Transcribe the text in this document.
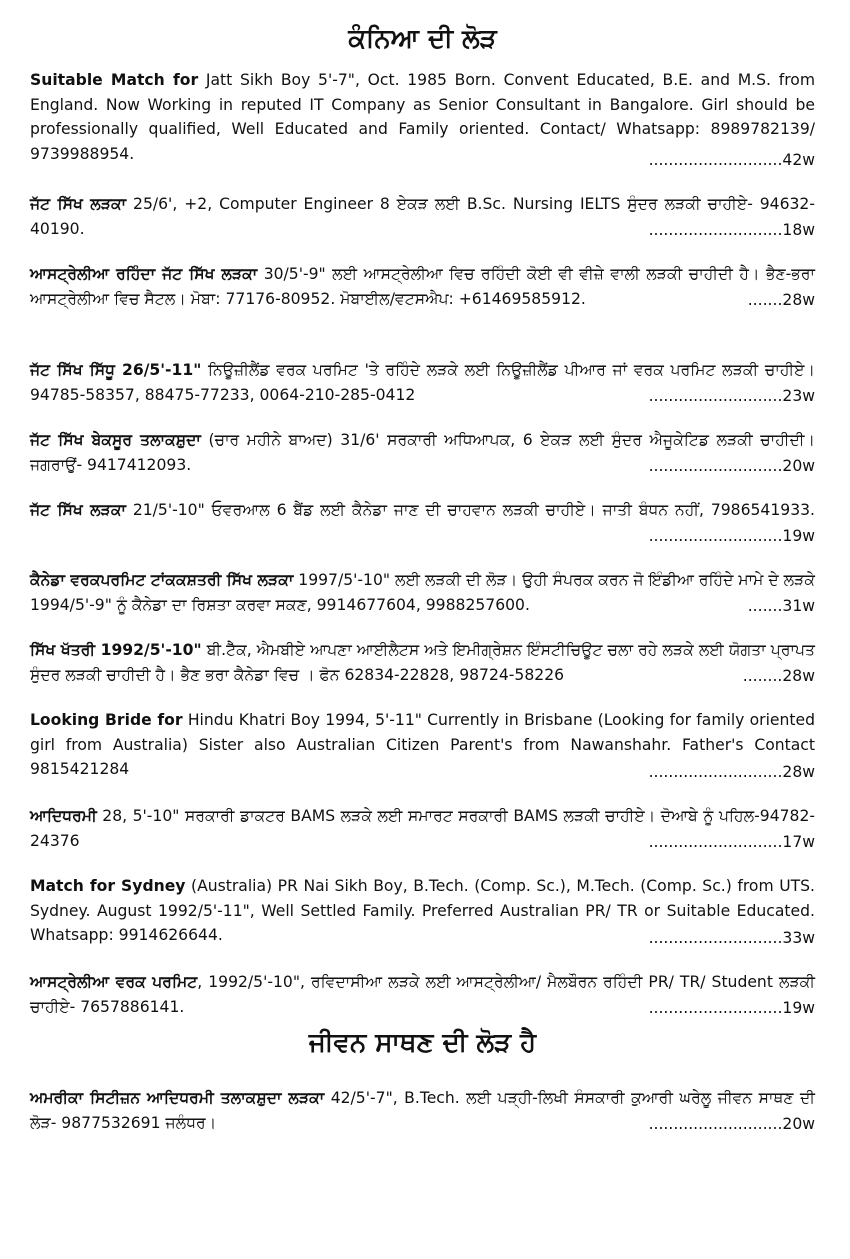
ਕੰਨਿਆ ਦੀ ਲੋੜ
Suitable Match for Jatt Sikh Boy 5'-7", Oct. 1985 Born. Convent Educated, B.E. and M.S. from England. Now Working in reputed IT Company as Senior Consultant in Bangalore. Girl should be professionally qualified, Well Educated and Family oriented. Contact/ Whatsapp: 8989782139/ 9739988954.	...........................42w
ਜੱਟ ਸਿੱਖ ਲੜਕਾ 25/6', +2, Computer Engineer 8 ਏਕੜ ਲਈ B.Sc. Nursing IELTS ਸੁੰਦਰ ਲੜਕੀ ਚਾਹੀਏ- 94632-40190.	...........................18w
ਆਸਟ੍ਰੇਲੀਆ ਰਹਿੰਦਾ ਜੱਟ ਸਿੱਖ ਲੜਕਾ 30/5'-9" ਲਈ ਆਸਟ੍ਰੇਲੀਆ ਵਿਚ ਰਹਿੰਦੀ ਕੋਈ ਵੀ ਵੀਜ਼ੇ ਵਾਲੀ ਲੜਕੀ ਚਾਹੀਦੀ ਹੈ। ਭੈਣ-ਭਰਾ ਆਸਟ੍ਰੇਲੀਆ ਵਿਚ ਸੈਟਲ। ਮੋਬਾ: 77176-80952. ਮੋਬਾਈਲ/ਵਟਸਐਪ: +61469585912.	.......28w
ਜੱਟ ਸਿੱਖ ਸਿੱਧੂ 26/5'-11" ਨਿਊਜ਼ੀਲੈਂਡ ਵਰਕ ਪਰਮਿਟ 'ਤੇ ਰਹਿੰਦੇ ਲੜਕੇ ਲਈ ਨਿਊਜ਼ੀਲੈਂਡ ਪੀਆਰ ਜਾਂ ਵਰਕ ਪਰਮਿਟ ਲੜਕੀ ਚਾਹੀਏ। 94785-58357, 88475-77233, 0064-210-285-0412	...........................23w
ਜੱਟ ਸਿੱਖ ਬੇਕਸੂਰ ਤਲਾਕਸ਼ੁਦਾ (ਚਾਰ ਮਹੀਨੇ ਬਾਅਦ) 31/6' ਸਰਕਾਰੀ ਅਧਿਆਪਕ, 6 ਏਕੜ ਲਈ ਸੁੰਦਰ ਐਜੂਕੇਟਿਡ ਲੜਕੀ ਚਾਹੀਦੀ। ਜਗਰਾਉਂ- 9417412093.	...........................20w
ਜੱਟ ਸਿੱਖ ਲੜਕਾ 21/5'-10" ਓਵਰਆਲ 6 ਬੈਂਡ ਲਈ ਕੈਨੇਡਾ ਜਾਣ ਦੀ ਚਾਹਵਾਨ ਲੜਕੀ ਚਾਹੀਏ। ਜਾਤੀ ਬੰਧਨ ਨਹੀਂ, 7986541933.
...........................19w
ਕੈਨੇਡਾ ਵਰਕਪਰਮਿਟ ਟਾਂਕਕਸ਼ਤਰੀ ਸਿੱਖ ਲੜਕਾ 1997/5'-10" ਲਈ ਲੜਕੀ ਦੀ ਲੋੜ। ਉਹੀ ਸੰਪਰਕ ਕਰਨ ਜੋ ਇੰਡੀਆ ਰਹਿੰਦੇ ਮਾਮੇ ਦੇ ਲੜਕੇ 1994/5'-9" ਨੂੰ ਕੈਨੇਡਾ ਦਾ ਰਿਸ਼ਤਾ ਕਰਵਾ ਸਕਣ, 9914677604, 9988257600.	.......31w
ਸਿੱਖ ਖੱਤਰੀ 1992/5'-10" ਬੀ.ਟੈੱਕ, ਐਮਬੀਏ ਆਪਣਾ ਆਈਲੈਟਸ ਅਤੇ ਇਮੀਗ੍ਰੇਸ਼ਨ ਇੰਸਟੀਚਿਊਟ ਚਲਾ ਰਹੇ ਲੜਕੇ ਲਈ ਯੋਗਤਾ ਪ੍ਰਾਪਤ ਸੁੰਦਰ ਲੜਕੀ ਚਾਹੀਦੀ ਹੈ। ਭੈਣ ਭਰਾ ਕੈਨੇਡਾ ਵਿਚ । ਫੋਨ 62834-22828, 98724-58226	........28w
Looking Bride for Hindu Khatri Boy 1994, 5'-11" Currently in Brisbane (Looking for family oriented girl from Australia) Sister also Australian Citizen Parent's from Nawanshahr. Father's Contact 9815421284	...........................28w
ਆਦਿਧਰਮੀ 28, 5'-10" ਸਰਕਾਰੀ ਡਾਕਟਰ BAMS ਲੜਕੇ ਲਈ ਸਮਾਰਟ ਸਰਕਾਰੀ BAMS ਲੜਕੀ ਚਾਹੀਏ। ਦੋਆਬੇ ਨੂੰ ਪਹਿਲ-94782-24376	...........................17w
Match for Sydney (Australia) PR Nai Sikh Boy, B.Tech. (Comp. Sc.), M.Tech. (Comp. Sc.) from UTS. Sydney. August 1992/5'-11", Well Settled Family. Preferred Australian PR/ TR or Suitable Educated. Whatsapp: 9914626644.	...........................33w
ਆਸਟ੍ਰੇਲੀਆ ਵਰਕ ਪਰਮਿਟ, 1992/5'-10", ਰਵਿਦਾਸੀਆ ਲੜਕੇ ਲਈ ਆਸਟ੍ਰੇਲੀਆ/ ਮੈਲਬੌਰਨ ਰਹਿੰਦੀ PR/ TR/ Student ਲੜਕੀ ਚਾਹੀਏ- 7657886141.	...........................19w
ਜੀਵਨ ਸਾਥਣ ਦੀ ਲੋੜ ਹੈ
ਅਮਰੀਕਾ ਸਿਟੀਜ਼ਨ ਆਦਿਧਰਮੀ ਤਲਾਕਸ਼ੁਦਾ ਲੜਕਾ 42/5'-7", B.Tech. ਲਈ ਪੜ੍ਹੀ-ਲਿਖੀ ਸੰਸਕਾਰੀ ਕੁਆਰੀ ਘਰੇਲੂ ਜੀਵਨ ਸਾਥਣ ਦੀ ਲੋੜ- 9877532691 ਜਲੰਧਰ।	...........................20w
